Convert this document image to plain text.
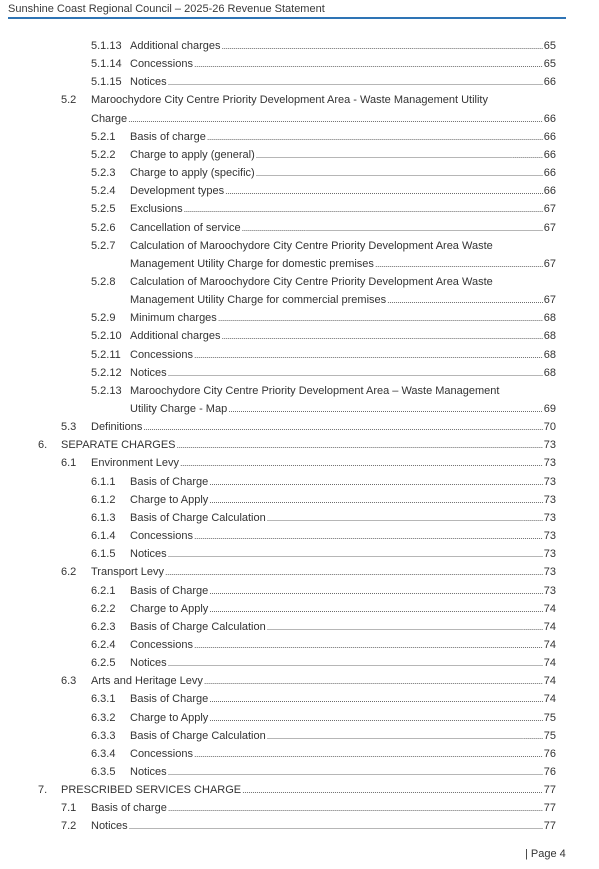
Sunshine Coast Regional Council – 2025-26 Revenue Statement
5.1.13 Additional charges .....	65
5.1.14 Concessions .....	65
5.1.15 Notices .....	66
5.2 Maroochydore City Centre Priority Development Area - Waste Management Utility
Charge .....	66
5.2.1 Basis of charge .....	66
5.2.2 Charge to apply (general) .....	66
5.2.3 Charge to apply (specific) .....	66
5.2.4 Development types .....	66
5.2.5 Exclusions .....	67
5.2.6 Cancellation of service .....	67
5.2.7 Calculation of Maroochydore City Centre Priority Development Area Waste
Management Utility Charge for domestic premises .....	67
5.2.8 Calculation of Maroochydore City Centre Priority Development Area Waste
Management Utility Charge for commercial premises .....	67
5.2.9 Minimum charges .....	68
5.2.10 Additional charges .....	68
5.2.11 Concessions .....	68
5.2.12 Notices .....	68
5.2.13 Maroochydore City Centre Priority Development Area – Waste Management
Utility Charge - Map .....	69
5.3 Definitions .....	70
6. SEPARATE CHARGES .....	73
6.1 Environment Levy .....	73
6.1.1 Basis of Charge .....	73
6.1.2 Charge to Apply .....	73
6.1.3 Basis of Charge Calculation .....	73
6.1.4 Concessions .....	73
6.1.5 Notices .....	73
6.2 Transport Levy .....	73
6.2.1 Basis of Charge .....	73
6.2.2 Charge to Apply .....	74
6.2.3 Basis of Charge Calculation .....	74
6.2.4 Concessions .....	74
6.2.5 Notices .....	74
6.3 Arts and Heritage Levy .....	74
6.3.1 Basis of Charge .....	74
6.3.2 Charge to Apply .....	75
6.3.3 Basis of Charge Calculation .....	75
6.3.4 Concessions .....	76
6.3.5 Notices .....	76
7. PRESCRIBED SERVICES CHARGE .....	77
7.1 Basis of charge .....	77
7.2 Notices .....	77
| Page 4
